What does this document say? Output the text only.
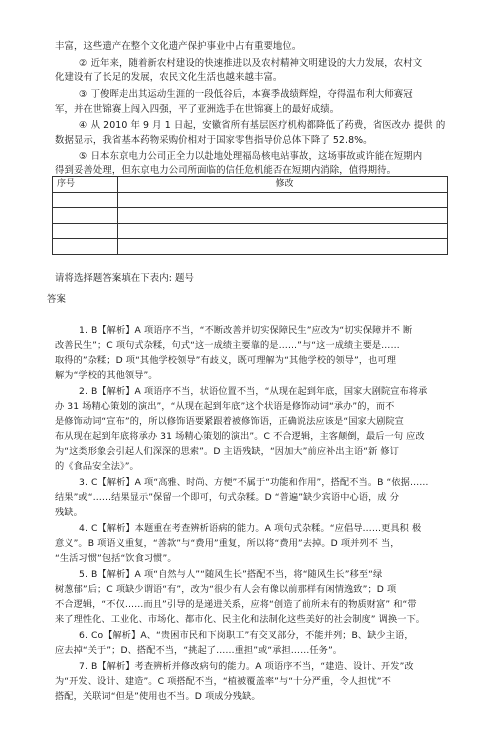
丰富，这些遗产在整个文化遗产保护事业中占有重要地位。
② 近年来，随着新农村建设的快速推进以及农村精神文明建设的大力发展，农村文
化建设有了长足的发展，农民文化生活也越来越丰富。
③ 丁俊晖走出其运动生涯的一段低谷后，本赛季战绩辉煌，夺得温布利大师赛冠
军，并在世锦赛上闯入四强，平了亚洲选手在世锦赛上的最好成绩。
④ 从 2010 年 9 月 1 日起，安徽省所有基层医疗机构都降低了药费，省医改办 提供 的
数据显示，我省基本药物采购价相对于国家零售指导价总体下降了 52.8%。
⑤ 日本东京电力公司正全力以赴地处理福岛核电站事故，这场事故或许能在短期内
得到妥善处理，但东京电力公司所面临的信任危机能否在短期内消除，值得期待。
序号	修改

请将选择题答案填在下表内: 题号
答案
1. B【解析】A 项语序不当，“不断改善并切实保障民生”应改为“切实保障并不 断
改善民生”；C 项句式杂糅，句式“这一成绩主要靠的是……”与“这一成绩主要是……
取得的”杂糅；D 项“其他学校领导”有歧义，既可理解为“其他学校的领导”，也可理
解为“学校的其他领导”。
2. B【解析】A 项语序不当，状语位置不当，“从现在起到年底，国家大剧院宣布将承
办 31 场精心策划的演出”，“从现在起到年底”这个状语是修饰动词“承办”的，而不
是修饰动词“宣布”的，所以修饰语要紧跟着被修饰语，正确说法应该是“国家大剧院宣
布从现在起到年底将承办 31 场精心策划的演出”。C 不合逻辑，主客颠倒，最后一句 应改
为“这类形象会引起人们深深的思索”。D 主语残缺，“因加大”前应补出主语“新 修订
的《食品安全法》”。
3. C【解析】A 项“高雅、时尚、方便”不属于“功能和作用”，搭配不当。B “依据……
结果”或“……结果显示”保留一个即可，句式杂糅。D “普遍”缺少宾语中心语，成 分
残缺。
4. C【解析】本题重在考查辨析语病的能力。A 项句式杂糅。“应倡导……更具积 极
意义”。B 项语义重复，“善款”与“费用”重复，所以将“费用”去掉。D 项并列不 当，
“生活习惯”包括“饮食习惯”。
5. B【解析】A 项“自然与人”“随风生长”搭配不当，将“随风生长”移至“绿
树葱郁”后；C 项缺少谓语“有”，改为“很少有人会有像以前那样有闲情逸致”；D 项
不合逻辑，“不仅……而且”引导的是递进关系，应将“创造了前所未有的物质财富” 和“带
来了理性化、工业化、市场化、都市化、民主化和法制化这些美好的社会制度” 调换一下。
6. Co【解析】A、“贵困市民和下岗职工”有交叉部分，不能并列；B、缺少主语，
应去掉“关于”；D、搭配不当，“挑起了……重担”或“承担……任务”。
7. B【解析】考查辨析并修改病句的能力。A 项语序不当，“建造、设计、开发”改
为“开发、设计、建造”。C 项搭配不当，“植被覆盖率”与“十分严重，令人担忧”不
搭配，关联词“但是”使用也不当。D 项成分残缺。
